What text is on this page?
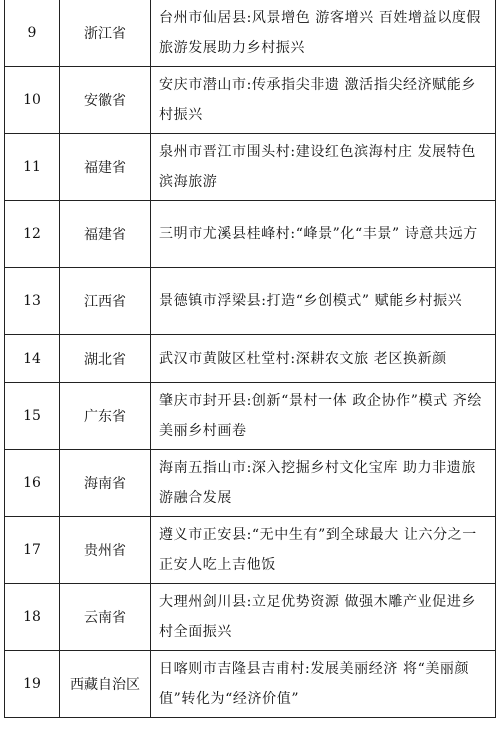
9	浙江省	台州市仙居县:风景增色 游客增兴 百姓增益以度假旅游发展助力乡村振兴
10	安徽省	安庆市潜山市:传承指尖非遗 激活指尖经济赋能乡村振兴
11	福建省	泉州市晋江市围头村:建设红色滨海村庄 发展特色滨海旅游
12	福建省	三明市尤溪县桂峰村:“峰景”化“丰景” 诗意共远方
13	江西省	景德镇市浮梁县:打造“乡创模式” 赋能乡村振兴
14	湖北省	武汉市黄陂区杜堂村:深耕农文旅 老区换新颜
15	广东省	肇庆市封开县:创新“景村一体 政企协作”模式 齐绘美丽乡村画卷
16	海南省	海南五指山市:深入挖掘乡村文化宝库 助力非遗旅游融合发展
17	贵州省	遵义市正安县:“无中生有”到全球最大 让六分之一正安人吃上吉他饭
18	云南省	大理州剑川县:立足优势资源 做强木雕产业促进乡村全面振兴
19	西藏自治区	日喀则市吉隆县吉甫村:发展美丽经济 将“美丽颜值”转化为“经济价值”
